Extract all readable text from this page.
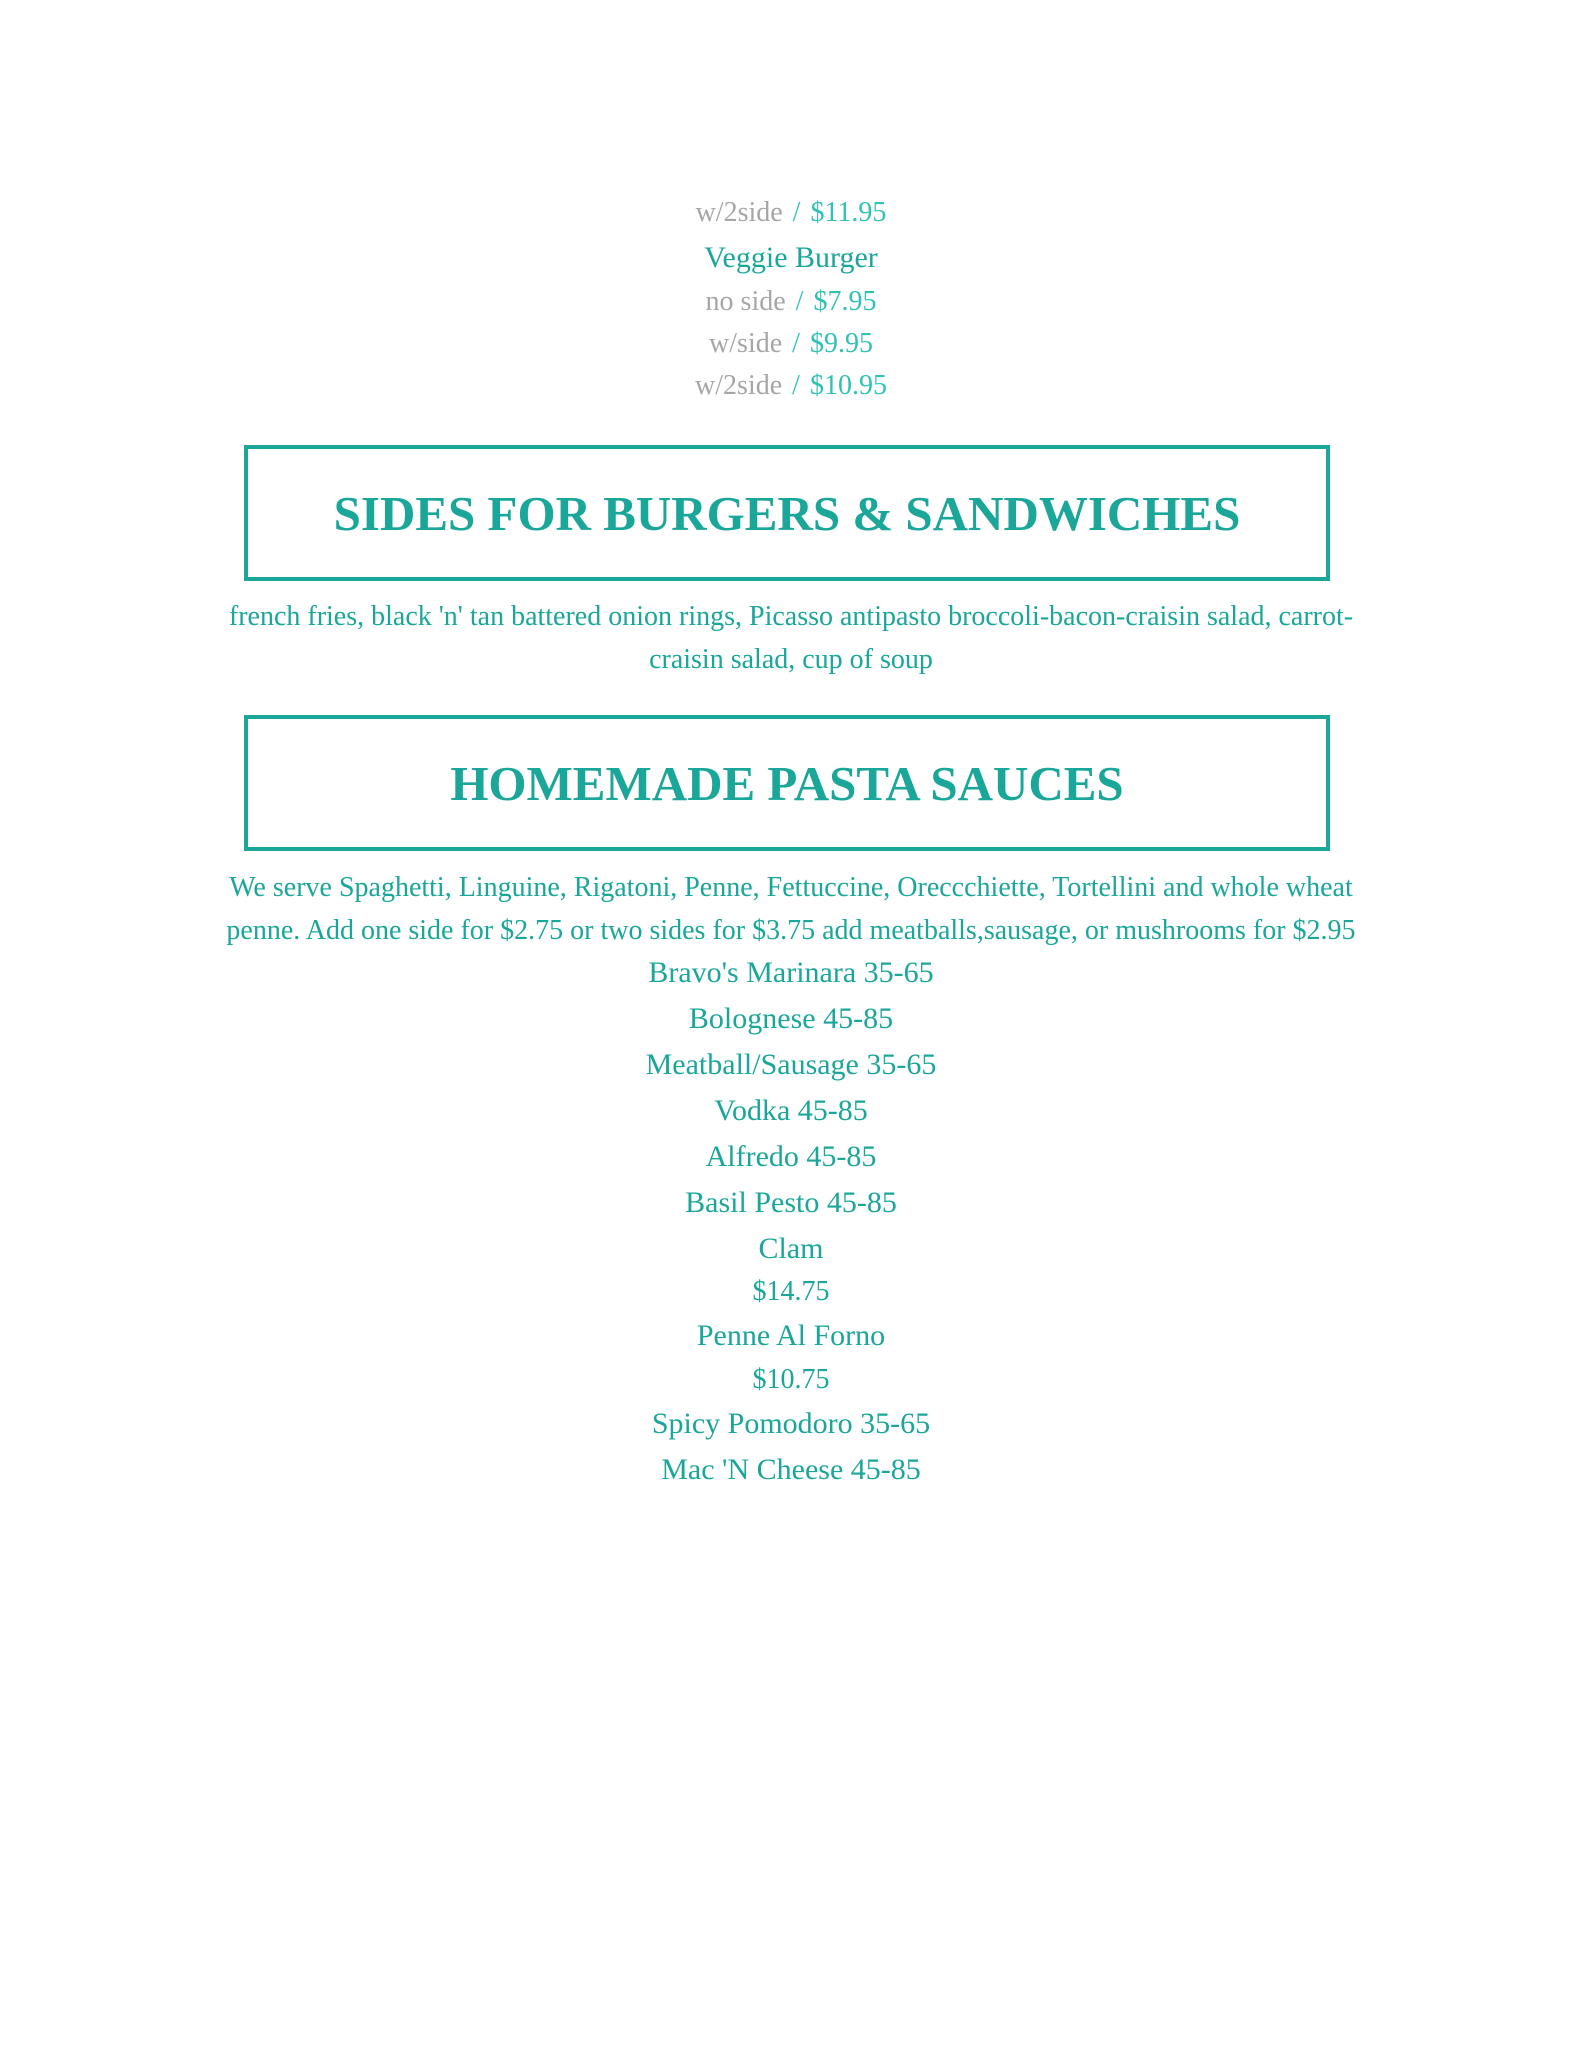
w/2side / $11.95
Veggie Burger
no side / $7.95
w/side / $9.95
w/2side / $10.95
SIDES FOR BURGERS & SANDWICHES
french fries, black 'n' tan battered onion rings, Picasso antipasto broccoli-bacon-craisin salad, carrot-
craisin salad, cup of soup
HOMEMADE PASTA SAUCES
We serve Spaghetti, Linguine, Rigatoni, Penne, Fettuccine, Oreccchiette, Tortellini and whole wheat
penne. Add one side for $2.75 or two sides for $3.75 add meatballs,sausage, or mushrooms for $2.95
Bravo's Marinara 35-65
Bolognese 45-85
Meatball/Sausage 35-65
Vodka 45-85
Alfredo 45-85
Basil Pesto 45-85
Clam
$14.75
Penne Al Forno
$10.75
Spicy Pomodoro 35-65
Mac 'N Cheese 45-85
